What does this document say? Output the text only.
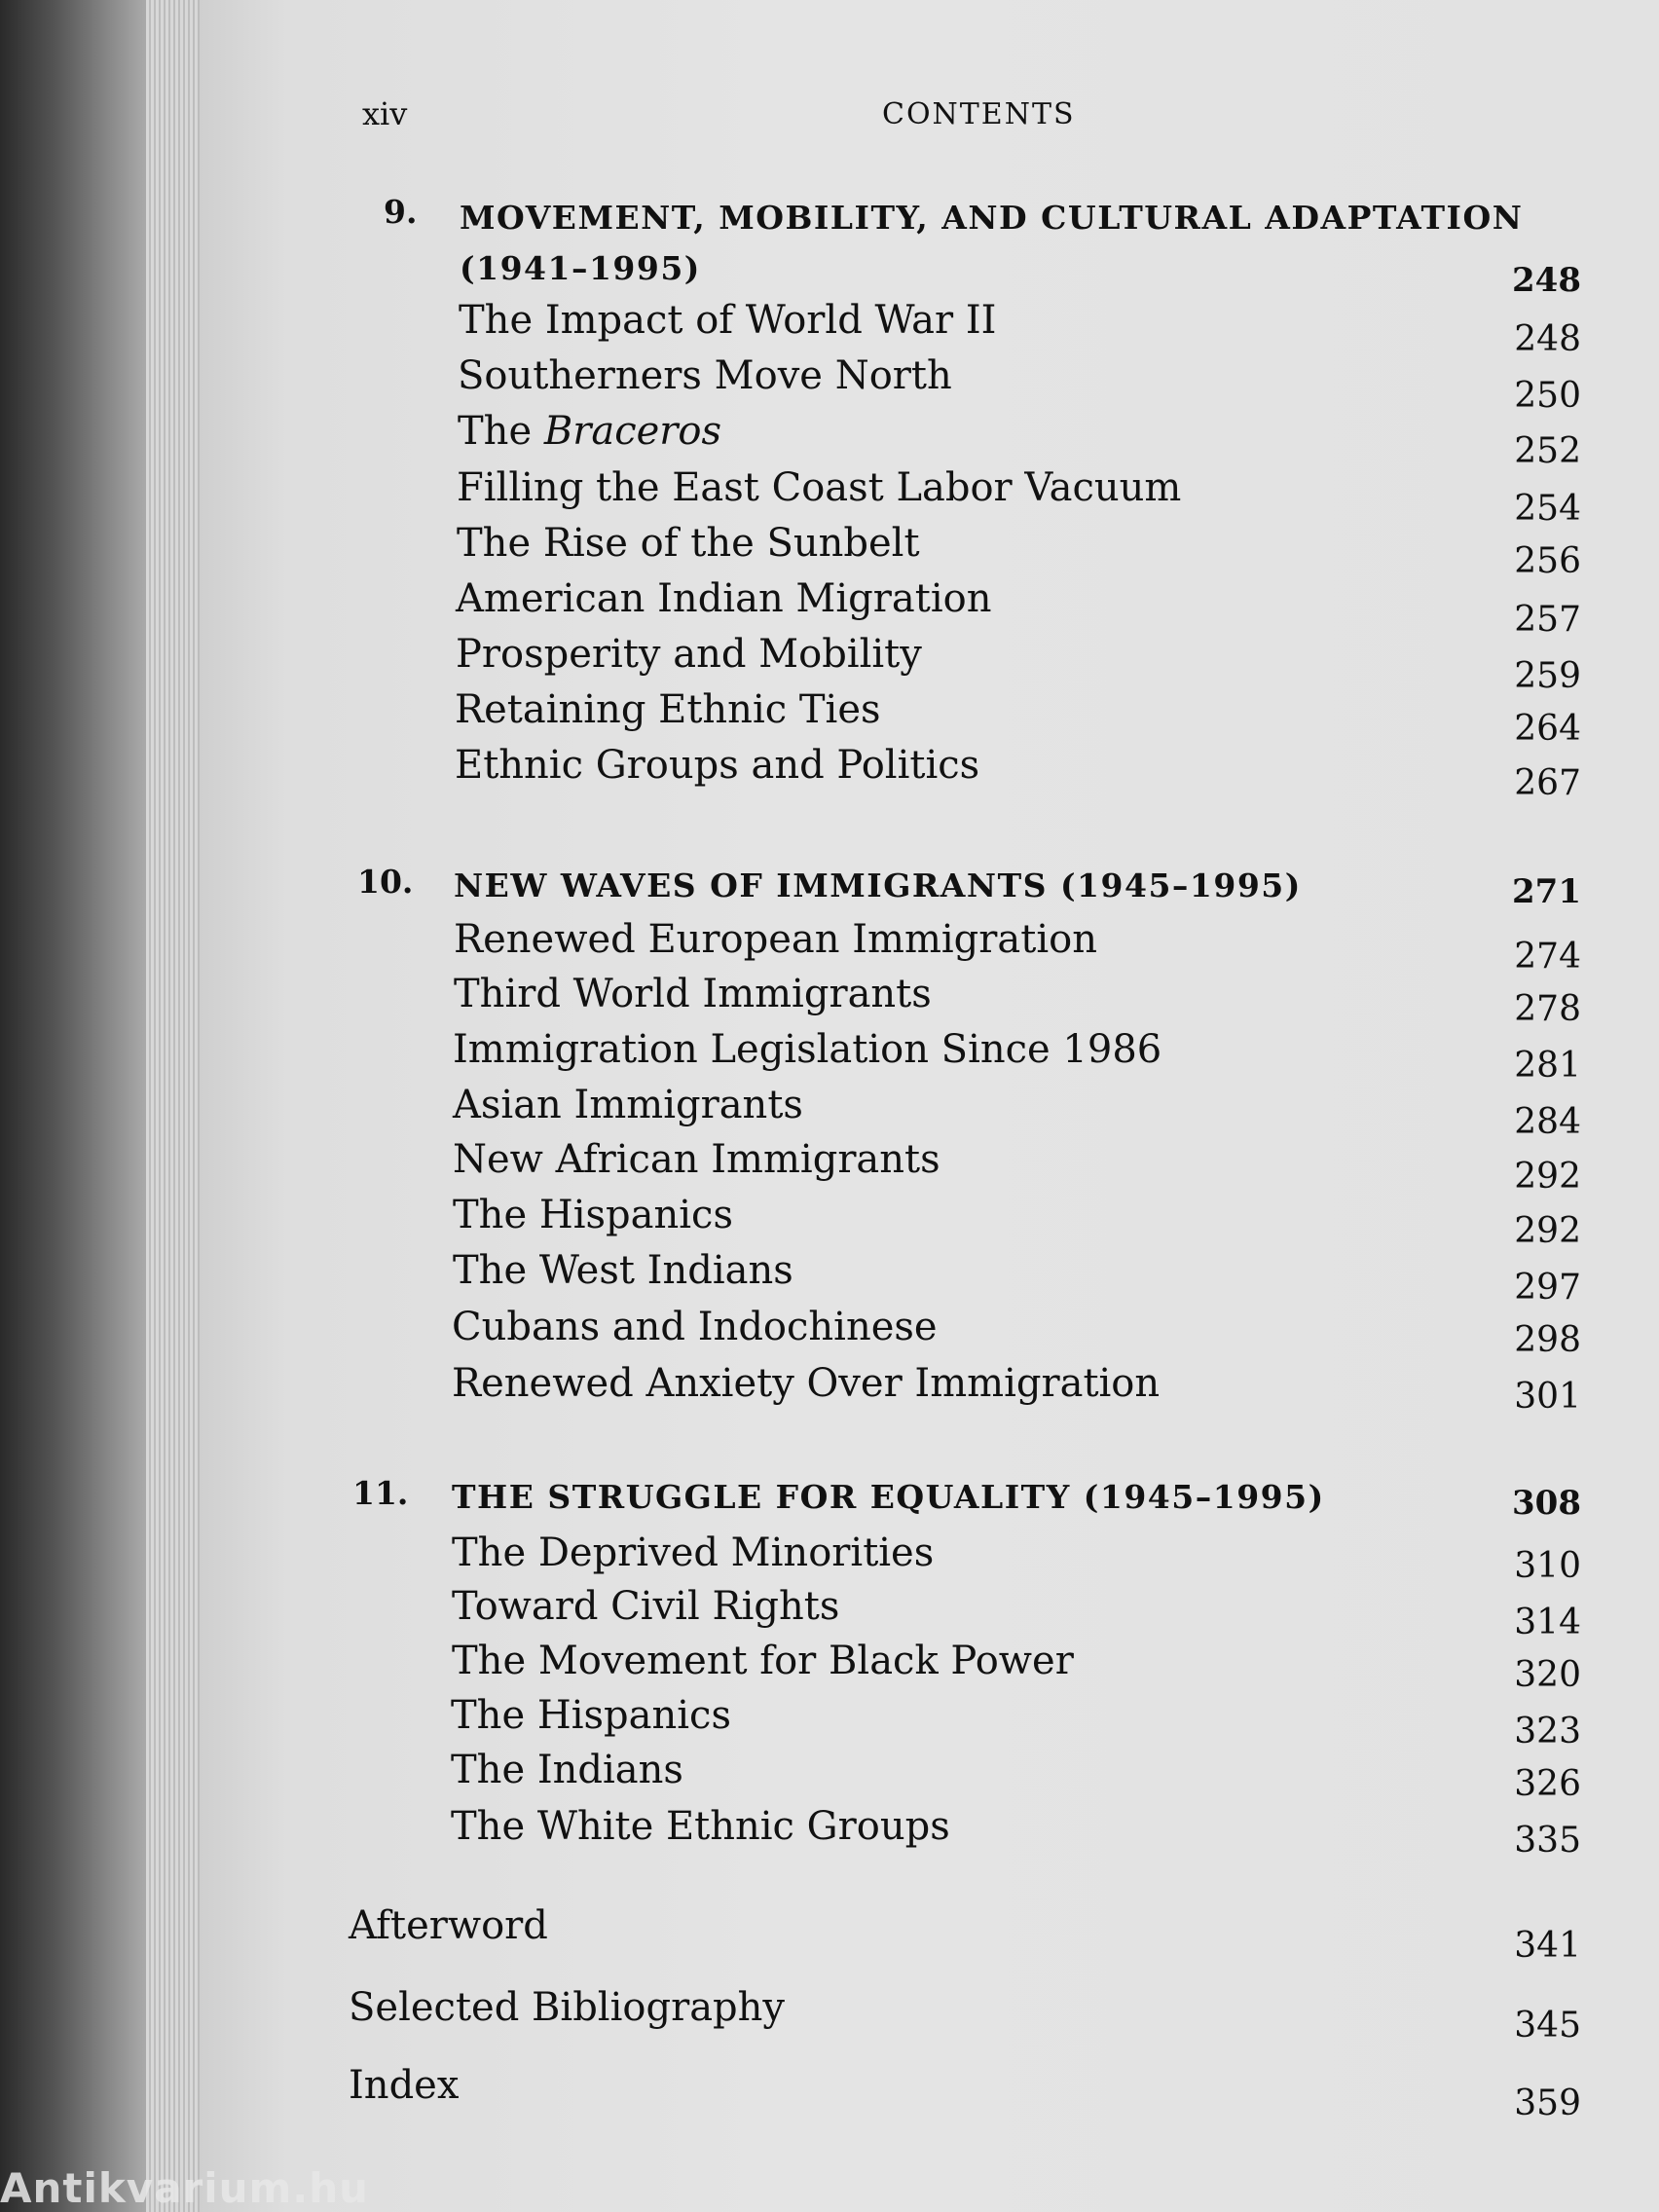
xiv	CONTENTS
9. MOVEMENT, MOBILITY, AND CULTURAL ADAPTATION
(1941–1995)	248
The Impact of World War II	248
Southerners Move North	250
The Braceros	252
Filling the East Coast Labor Vacuum	254
The Rise of the Sunbelt	256
American Indian Migration	257
Prosperity and Mobility	259
Retaining Ethnic Ties	264
Ethnic Groups and Politics	267
10. NEW WAVES OF IMMIGRANTS (1945–1995)	271
Renewed European Immigration	274
Third World Immigrants	278
Immigration Legislation Since 1986	281
Asian Immigrants	284
New African Immigrants	292
The Hispanics	292
The West Indians	297
Cubans and Indochinese	298
Renewed Anxiety Over Immigration	301
11. THE STRUGGLE FOR EQUALITY (1945–1995)	308
The Deprived Minorities	310
Toward Civil Rights	314
The Movement for Black Power	320
The Hispanics	323
The Indians	326
The White Ethnic Groups	335
Afterword	341
Selected Bibliography	345
Index	359
Antikvarium.hu
